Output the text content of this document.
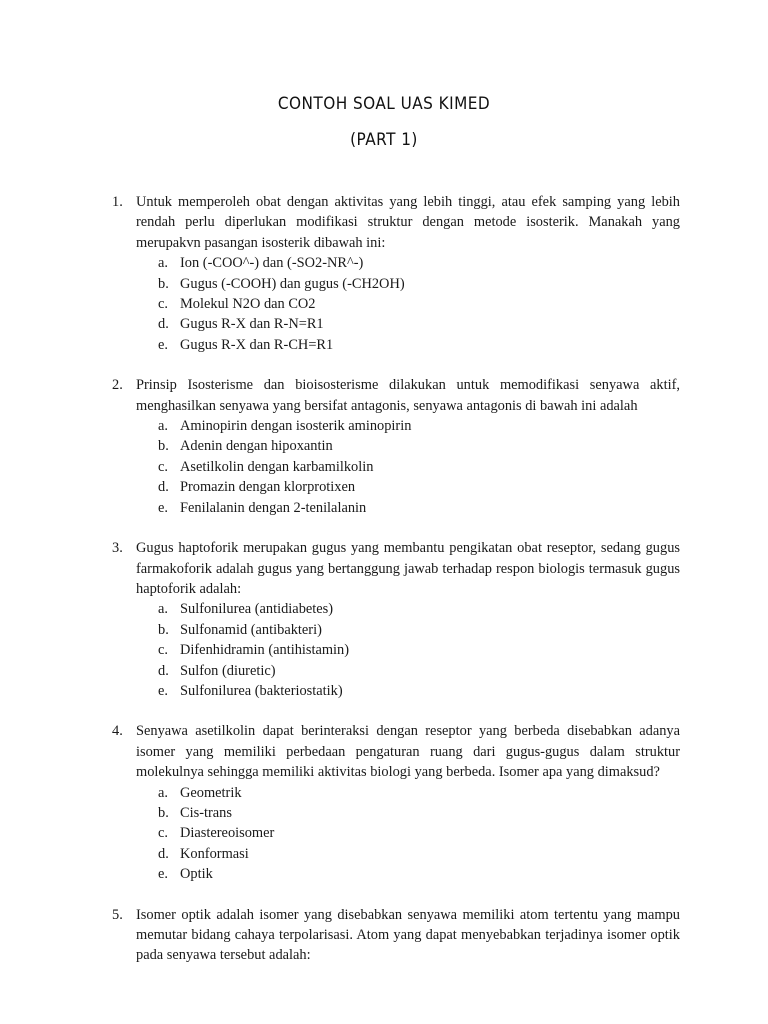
CONTOH SOAL UAS KIMED
(PART 1)
1. Untuk memperoleh obat dengan aktivitas yang lebih tinggi, atau efek samping yang lebih rendah perlu diperlukan modifikasi struktur dengan metode isosterik. Manakah yang merupakvn pasangan isosterik dibawah ini:
a. Ion (-COO^-) dan (-SO2-NR^-)
b. Gugus (-COOH) dan gugus (-CH2OH)
c. Molekul N2O dan CO2
d. Gugus R-X dan R-N=R1
e. Gugus R-X dan R-CH=R1
2. Prinsip Isosterisme dan bioisosterisme dilakukan untuk memodifikasi senyawa aktif, menghasilkan senyawa yang bersifat antagonis, senyawa antagonis di bawah ini adalah
a. Aminopirin dengan isosterik aminopirin
b. Adenin dengan hipoxantin
c. Asetilkolin dengan karbamilkolin
d. Promazin dengan klorprotixen
e. Fenilalanin dengan 2-tenilalanin
3. Gugus haptoforik merupakan gugus yang membantu pengikatan obat reseptor, sedang gugus farmakoforik adalah gugus yang bertanggung jawab terhadap respon biologis termasuk gugus haptoforik adalah:
a. Sulfonilurea (antidiabetes)
b. Sulfonamid (antibakteri)
c. Difenhidramin (antihistamin)
d. Sulfon (diuretic)
e. Sulfonilurea (bakteriostatik)
4. Senyawa asetilkolin dapat berinteraksi dengan reseptor yang berbeda disebabkan adanya isomer yang memiliki perbedaan pengaturan ruang dari gugus-gugus dalam struktur molekulnya sehingga memiliki aktivitas biologi yang berbeda. Isomer apa yang dimaksud?
a. Geometrik
b. Cis-trans
c. Diastereoisomer
d. Konformasi
e. Optik
5. Isomer optik adalah isomer yang disebabkan senyawa memiliki atom tertentu yang mampu memutar bidang cahaya terpolarisasi. Atom yang dapat menyebabkan terjadinya isomer optik pada senyawa tersebut adalah:
